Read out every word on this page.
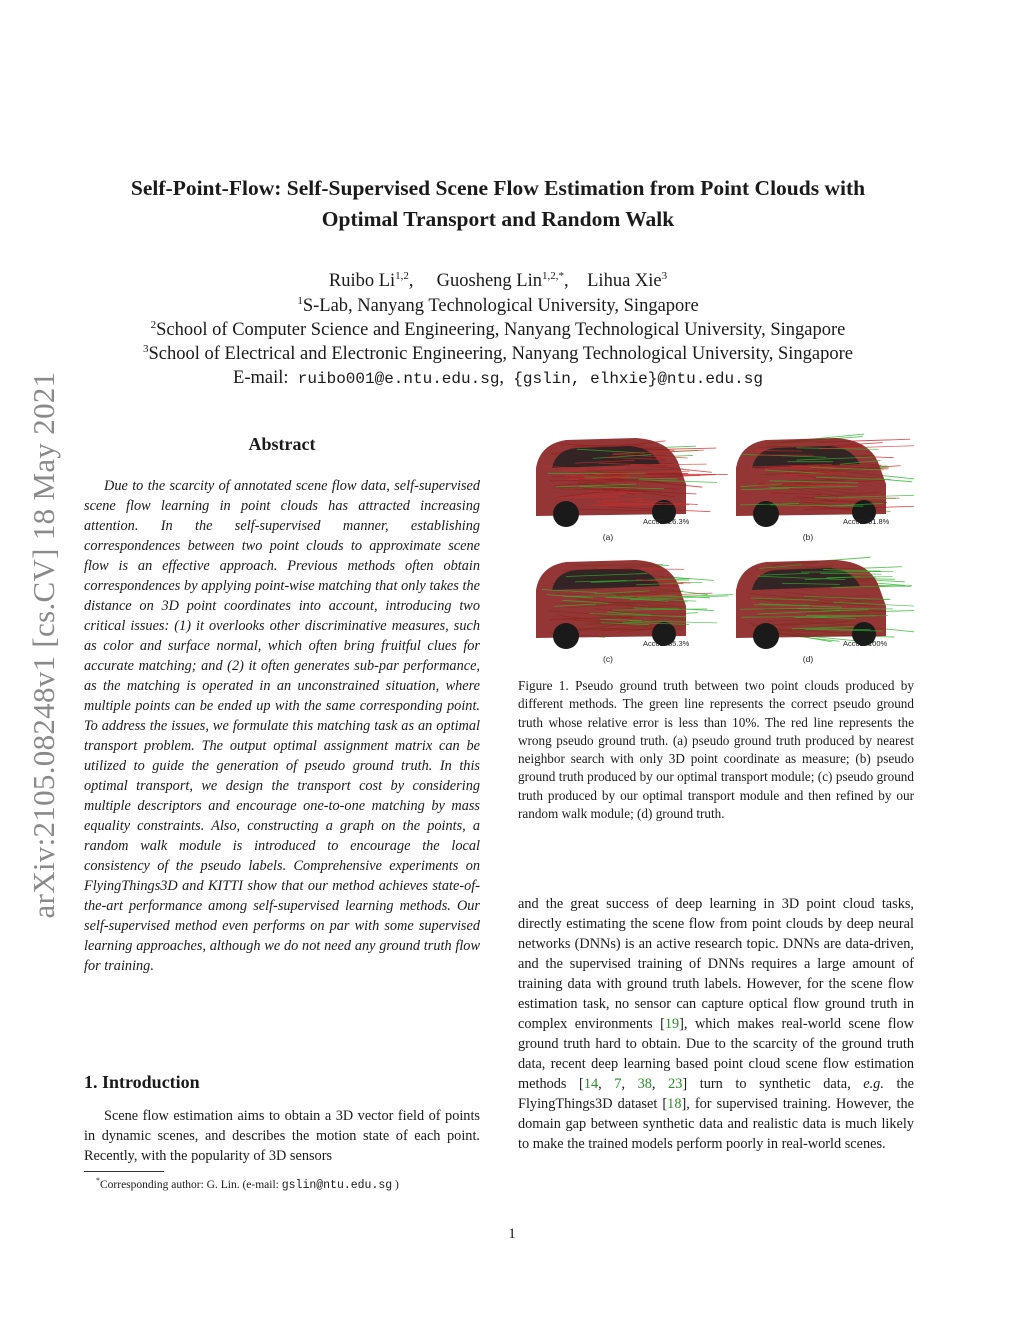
arXiv:2105.08248v1 [cs.CV] 18 May 2021
Self-Point-Flow: Self-Supervised Scene Flow Estimation from Point Clouds with
Optimal Transport and Random Walk
Ruibo Li$^{1,2}$, Guosheng Lin$^{1,2,*}$, Lihua Xie$^3$
$^1$S-Lab, Nanyang Technological University, Singapore
$^2$School of Computer Science and Engineering, Nanyang Technological University, Singapore
$^3$School of Electrical and Electronic Engineering, Nanyang Technological University, Singapore
E-mail: ruibo001@e.ntu.edu.sg, {gslin, elhxie}@ntu.edu.sg
Abstract
Due to the scarcity of annotated scene flow data, self-supervised scene flow learning in point clouds has attracted increasing attention. In the self-supervised manner, establishing correspondences between two point clouds to approximate scene flow is an effective approach. Previous methods often obtain correspondences by applying point-wise matching that only takes the distance on 3D point coordinates into account, introducing two critical issues: (1) it overlooks other discriminative measures, such as color and surface normal, which often bring fruitful clues for accurate matching; and (2) it often generates sub-par performance, as the matching is operated in an unconstrained situation, where multiple points can be ended up with the same corresponding point. To address the issues, we formulate this matching task as an optimal transport problem. The output optimal assignment matrix can be utilized to guide the generation of pseudo ground truth. In this optimal transport, we design the transport cost by considering multiple descriptors and encourage one-to-one matching by mass equality constraints. Also, constructing a graph on the points, a random walk module is introduced to encourage the local consistency of the pseudo labels. Comprehensive experiments on FlyingThings3D and KITTI show that our method achieves state-of-the-art performance among self-supervised learning methods. Our self-supervised method even performs on par with some supervised learning approaches, although we do not need any ground truth flow for training.
1. Introduction
Scene flow estimation aims to obtain a 3D vector field of points in dynamic scenes, and describes the motion state of each point. Recently, with the popularity of 3D sensors
*Corresponding author: G. Lin. (e-mail: gslin@ntu.edu.sg )
Acc02: 26.3%
(a)
Acc02: 61.8%
(b)
Acc02: 85.3%
(c)
Acc02: 100%
(d)
Figure 1. Pseudo ground truth between two point clouds produced by different methods. The green line represents the correct pseudo ground truth whose relative error is less than 10%. The red line represents the wrong pseudo ground truth. (a) pseudo ground truth produced by nearest neighbor search with only 3D point coordinate as measure; (b) pseudo ground truth produced by our optimal transport module; (c) pseudo ground truth produced by our optimal transport module and then refined by our random walk module; (d) ground truth.
and the great success of deep learning in 3D point cloud tasks, directly estimating the scene flow from point clouds by deep neural networks (DNNs) is an active research topic. DNNs are data-driven, and the supervised training of DNNs requires a large amount of training data with ground truth labels. However, for the scene flow estimation task, no sensor can capture optical flow ground truth in complex environments [19], which makes real-world scene flow ground truth hard to obtain. Due to the scarcity of the ground truth data, recent deep learning based point cloud scene flow estimation methods [14, 7, 38, 23] turn to synthetic data, e.g. the FlyingThings3D dataset [18], for supervised training. However, the domain gap between synthetic data and realistic data is much likely to make the trained models perform poorly in real-world scenes.
1
